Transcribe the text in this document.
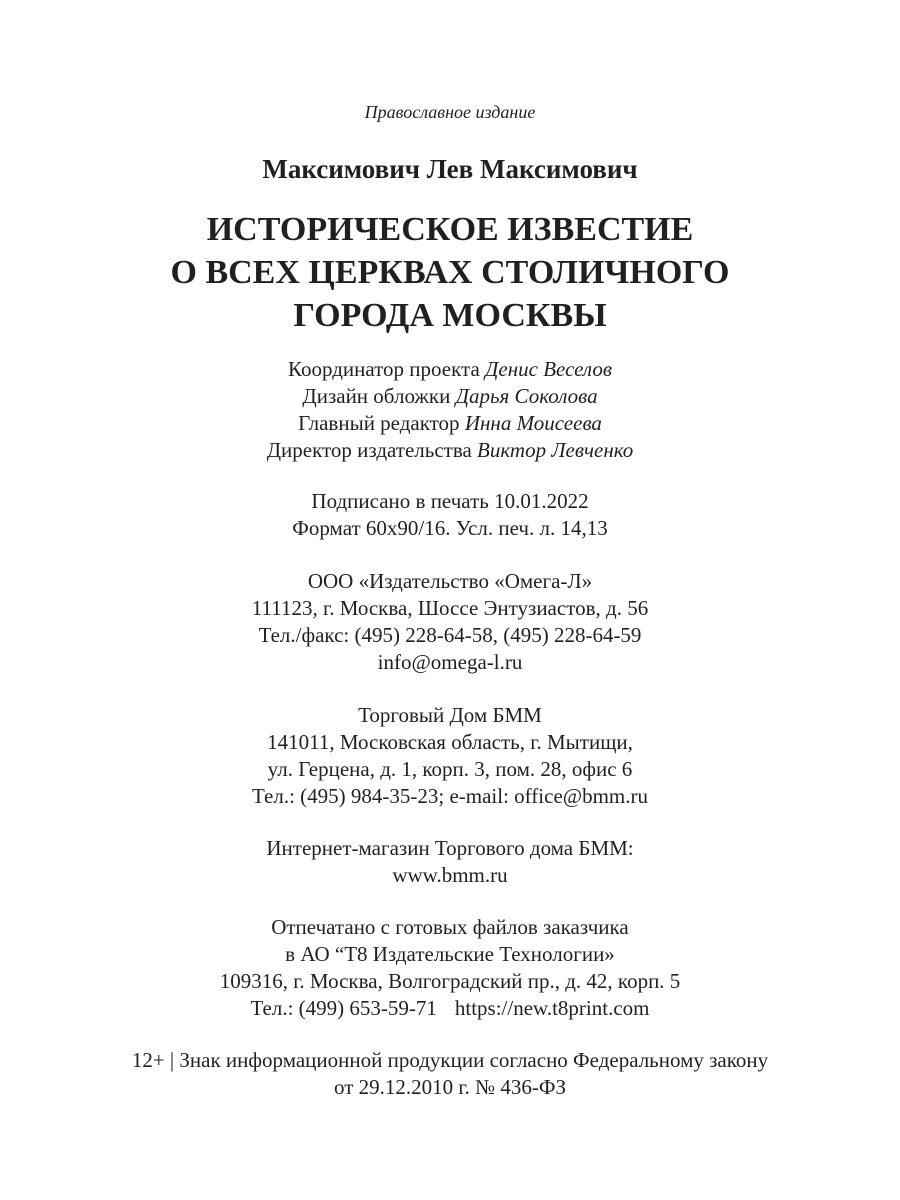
Православное издание
Максимович Лев Максимович
ИСТОРИЧЕСКОЕ ИЗВЕСТИЕ
О ВСЕХ ЦЕРКВАХ СТОЛИЧНОГО
ГОРОДА МОСКВЫ
Координатор проекта Денис Веселов
Дизайн обложки Дарья Соколова
Главный редактор Инна Моисеева
Директор издательства Виктор Левченко
Подписано в печать 10.01.2022
Формат 60х90/16. Усл. печ. л. 14,13
ООО «Издательство «Омега-Л»
111123, г. Москва, Шоссе Энтузиастов, д. 56
Тел./факс: (495) 228-64-58, (495) 228-64-59
info@omega-l.ru
Торговый Дом БММ
141011, Московская область, г. Мытищи,
ул. Герцена, д. 1, корп. 3, пом. 28, офис 6
Тел.: (495) 984-35-23; e-mail: office@bmm.ru
Интернет-магазин Торгового дома БММ:
www.bmm.ru
Отпечатано с готовых файлов заказчика
в АО “Т8 Издательские Технологии»
109316, г. Москва, Волгоградский пр., д. 42, корп. 5
Тел.: (499) 653-59-71 https://new.t8print.com
12+ | Знак информационной продукции согласно Федеральному закону
от 29.12.2010 г. № 436-ФЗ
